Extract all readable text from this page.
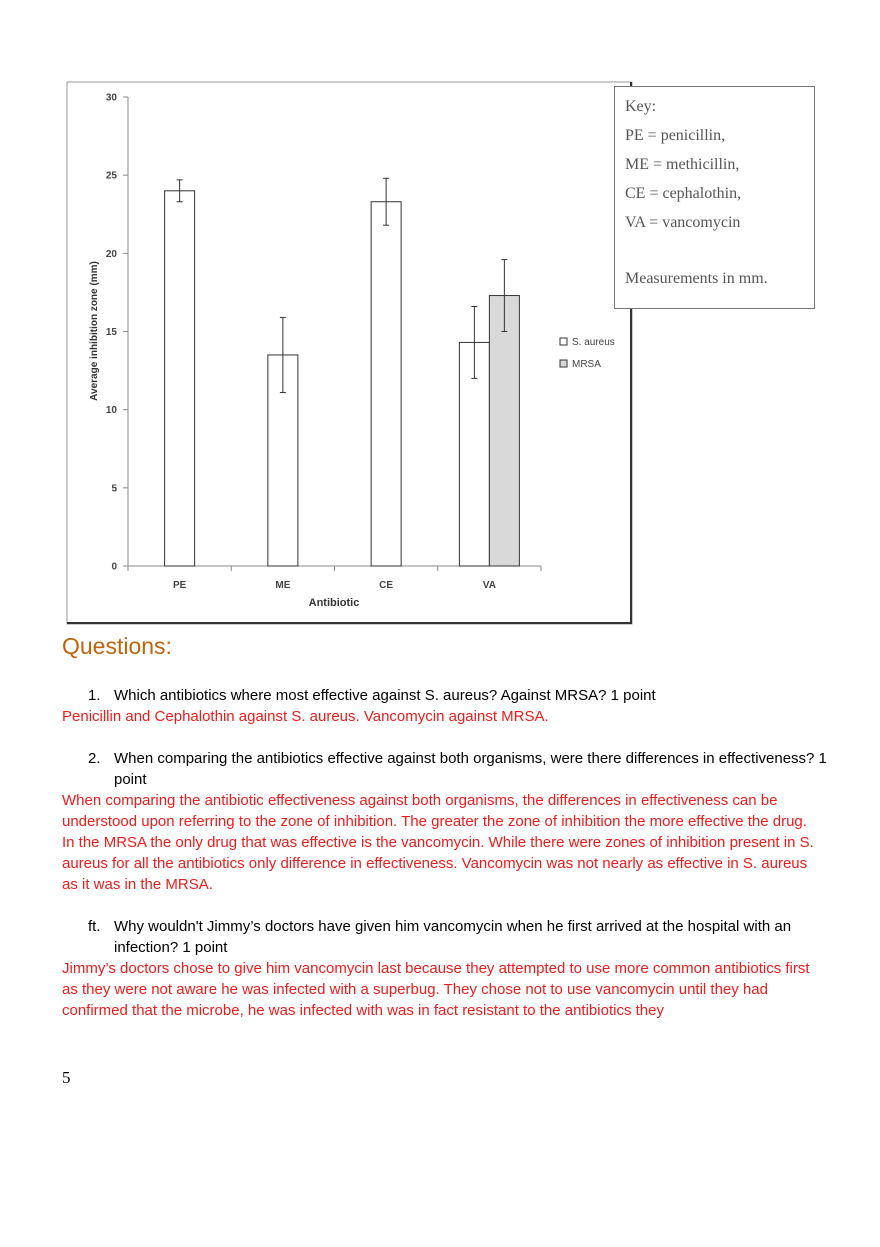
0
5
10
15
20
25
30
PE	ME	CE	VA
Average inhibition zone (mm)
Antibiotic
S. aureus
MRSA
Key:
PE = penicillin,
ME = methicillin,
CE = cephalothin,
VA = vancomycin
Measurements in mm.
Questions:
1. Which antibiotics where most effective against S. aureus? Against MRSA? 1 point
Penicillin and Cephalothin against S. aureus. Vancomycin against MRSA.
2. When comparing the antibiotics effective against both organisms, were there differences in effectiveness? 1 point
When comparing the antibiotic effectiveness against both organisms, the differences in effectiveness can be understood upon referring to the zone of inhibition. The greater the zone of inhibition the more effective the drug. In the MRSA the only drug that was effective is the vancomycin. While there were zones of inhibition present in S. aureus for all the antibiotics only difference in effectiveness. Vancomycin was not nearly as effective in S. aureus as it was in the MRSA.
ft. Why wouldn't Jimmy’s doctors have given him vancomycin when he first arrived at the hospital with an infection? 1 point
Jimmy’s doctors chose to give him vancomycin last because they attempted to use more common antibiotics first as they were not aware he was infected with a superbug. They chose not to use vancomycin until they had confirmed that the microbe, he was infected with was in fact resistant to the antibiotics they
5
